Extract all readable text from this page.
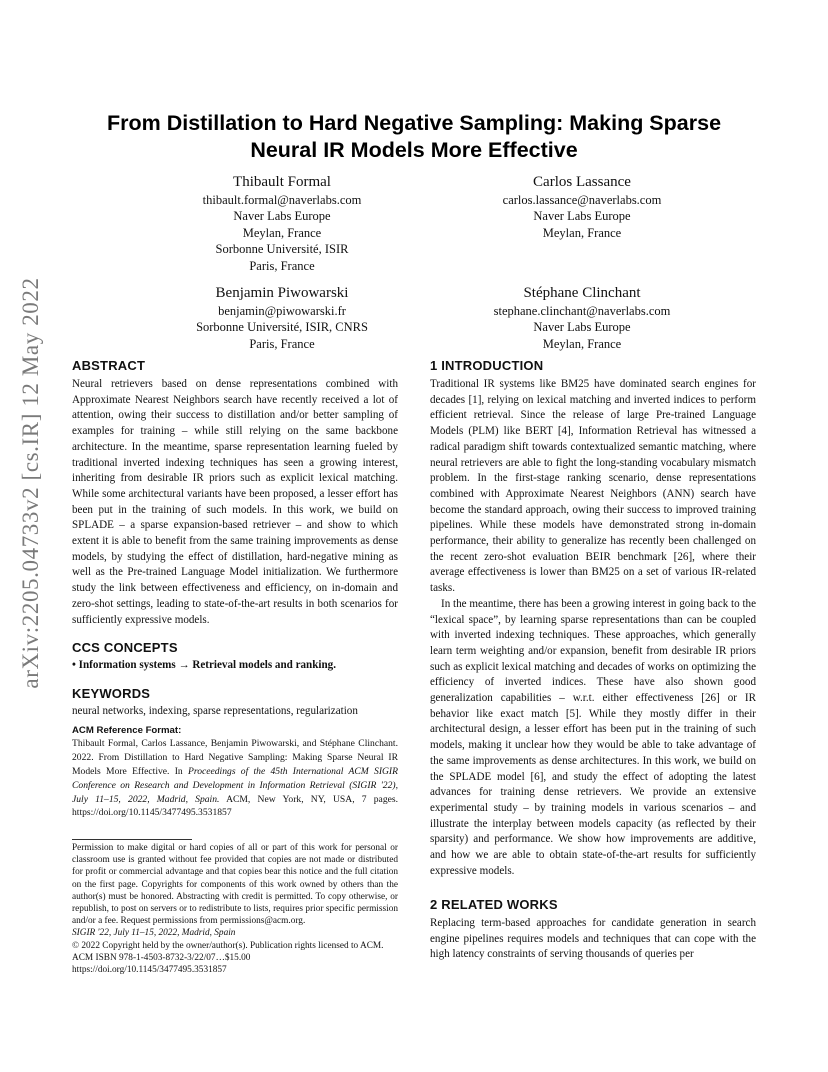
arXiv:2205.04733v2 [cs.IR] 12 May 2022
From Distillation to Hard Negative Sampling: Making Sparse
Neural IR Models More Effective
Thibault Formal
thibault.formal@naverlabs.com
Naver Labs Europe
Meylan, France
Sorbonne Université, ISIR
Paris, France
Carlos Lassance
carlos.lassance@naverlabs.com
Naver Labs Europe
Meylan, France
Benjamin Piwowarski
benjamin@piwowarski.fr
Sorbonne Université, ISIR, CNRS
Paris, France
Stéphane Clinchant
stephane.clinchant@naverlabs.com
Naver Labs Europe
Meylan, France
ABSTRACT
Neural retrievers based on dense representations combined with Approximate Nearest Neighbors search have recently received a lot of attention, owing their success to distillation and/or better sampling of examples for training – while still relying on the same backbone architecture. In the meantime, sparse representation learning fueled by traditional inverted indexing techniques has seen a growing interest, inheriting from desirable IR priors such as explicit lexical matching. While some architectural variants have been proposed, a lesser effort has been put in the training of such models. In this work, we build on SPLADE – a sparse expansion-based retriever – and show to which extent it is able to benefit from the same training improvements as dense models, by studying the effect of distillation, hard-negative mining as well as the Pre-trained Language Model initialization. We furthermore study the link between effectiveness and efficiency, on in-domain and zero-shot settings, leading to state-of-the-art results in both scenarios for sufficiently expressive models.
CCS CONCEPTS
• Information systems → Retrieval models and ranking.
KEYWORDS
neural networks, indexing, sparse representations, regularization
ACM Reference Format:
Thibault Formal, Carlos Lassance, Benjamin Piwowarski, and Stéphane Clinchant. 2022. From Distillation to Hard Negative Sampling: Making Sparse Neural IR Models More Effective. In Proceedings of the 45th International ACM SIGIR Conference on Research and Development in Information Retrieval (SIGIR '22), July 11–15, 2022, Madrid, Spain. ACM, New York, NY, USA, 7 pages. https://doi.org/10.1145/3477495.3531857
Permission to make digital or hard copies of all or part of this work for personal or classroom use is granted without fee provided that copies are not made or distributed for profit or commercial advantage and that copies bear this notice and the full citation on the first page. Copyrights for components of this work owned by others than the author(s) must be honored. Abstracting with credit is permitted. To copy otherwise, or republish, to post on servers or to redistribute to lists, requires prior specific permission and/or a fee. Request permissions from permissions@acm.org.
SIGIR '22, July 11–15, 2022, Madrid, Spain
© 2022 Copyright held by the owner/author(s). Publication rights licensed to ACM.
ACM ISBN 978-1-4503-8732-3/22/07…$15.00
https://doi.org/10.1145/3477495.3531857
1 INTRODUCTION

Traditional IR systems like BM25 have dominated search engines for decades [1], relying on lexical matching and inverted indices to perform efficient retrieval. Since the release of large Pre-trained Language Models (PLM) like BERT [4], Information Retrieval has witnessed a radical paradigm shift towards contextualized semantic matching, where neural retrievers are able to fight the long-standing vocabulary mismatch problem. In the first-stage ranking scenario, dense representations combined with Approximate Nearest Neighbors (ANN) search have become the standard approach, owing their success to improved training pipelines. While these models have demonstrated strong in-domain performance, their ability to generalize has recently been challenged on the recent zero-shot evaluation BEIR benchmark [26], where their average effectiveness is lower than BM25 on a set of various IR-related tasks.

In the meantime, there has been a growing interest in going back to the “lexical space”, by learning sparse representations than can be coupled with inverted indexing techniques. These approaches, which generally learn term weighting and/or expansion, benefit from desirable IR priors such as explicit lexical matching and decades of works on optimizing the efficiency of inverted indices. These have also shown good generalization capabilities – w.r.t. either effectiveness [26] or IR behavior like exact match [5]. While they mostly differ in their architectural design, a lesser effort has been put in the training of such models, making it unclear how they would be able to take advantage of the same improvements as dense architectures. In this work, we build on the SPLADE model [6], and study the effect of adopting the latest advances for training dense retrievers. We provide an extensive experimental study – by training models in various scenarios – and illustrate the interplay between models capacity (as reflected by their sparsity) and performance. We show how improvements are additive, and how we are able to obtain state-of-the-art results for sufficiently expressive models.

2 RELATED WORKS
Replacing term-based approaches for candidate generation in search engine pipelines requires models and techniques that can cope with the high latency constraints of serving thousands of queries per
